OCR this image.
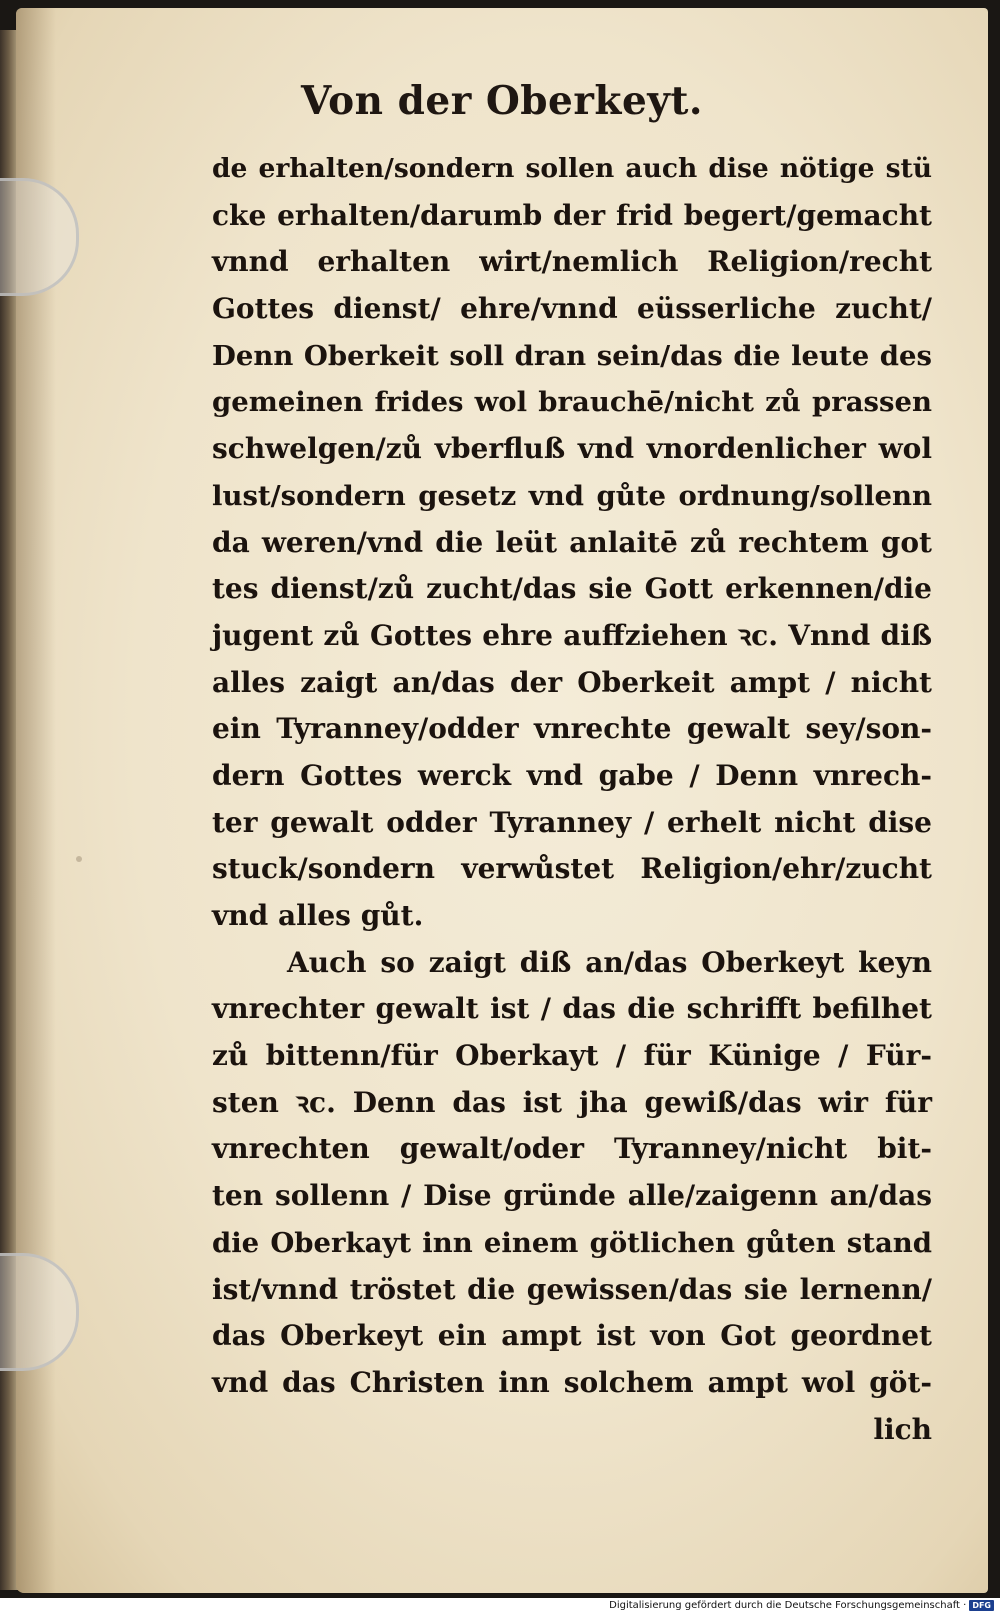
Von der Oberkeyt.
de erhalten/sondern sollen auch dise nötige stü
cke erhalten/darumb der frid begert/gemacht
vnnd erhalten wirt/nemlich Religion/recht
Gottes dienst/ ehre/vnnd eüsserliche zucht/
Denn Oberkeit soll dran sein/das die leute des
gemeinen frides wol brauchē/nicht zů prassen
schwelgen/zů vberfluß vnd vnordenlicher wol
lust/sondern gesetz vnd gůte ordnung/sollenn
da weren/vnd die leüt anlaitē zů rechtem got
tes dienst/zů zucht/das sie Gott erkennen/die
jugent zů Gottes ehre auffziehen ꝛc. Vnnd diß
alles zaigt an/das der Oberkeit ampt / nicht
ein Tyranney/odder vnrechte gewalt sey/son-
dern Gottes werck vnd gabe / Denn vnrech-
ter gewalt odder Tyranney / erhelt nicht dise
stuck/sondern verwůstet Religion/ehr/zucht
vnd alles gůt.
Auch so zaigt diß an/das Oberkeyt keyn
vnrechter gewalt ist / das die schrifft befilhet
zů bittenn/für Oberkayt / für Künige / Für-
sten ꝛc. Denn das ist jha gewiß/das wir für
vnrechten gewalt/oder Tyranney/nicht bit-
ten sollenn / Dise gründe alle/zaigenn an/das
die Oberkayt inn einem götlichen gůten stand
ist/vnnd tröstet die gewissen/das sie lernenn/
das Oberkeyt ein ampt ist von Got geordnet
vnd das Christen inn solchem ampt wol göt-
lich
Digitalisierung gefördert durch die Deutsche Forschungsgemeinschaft · DFG
